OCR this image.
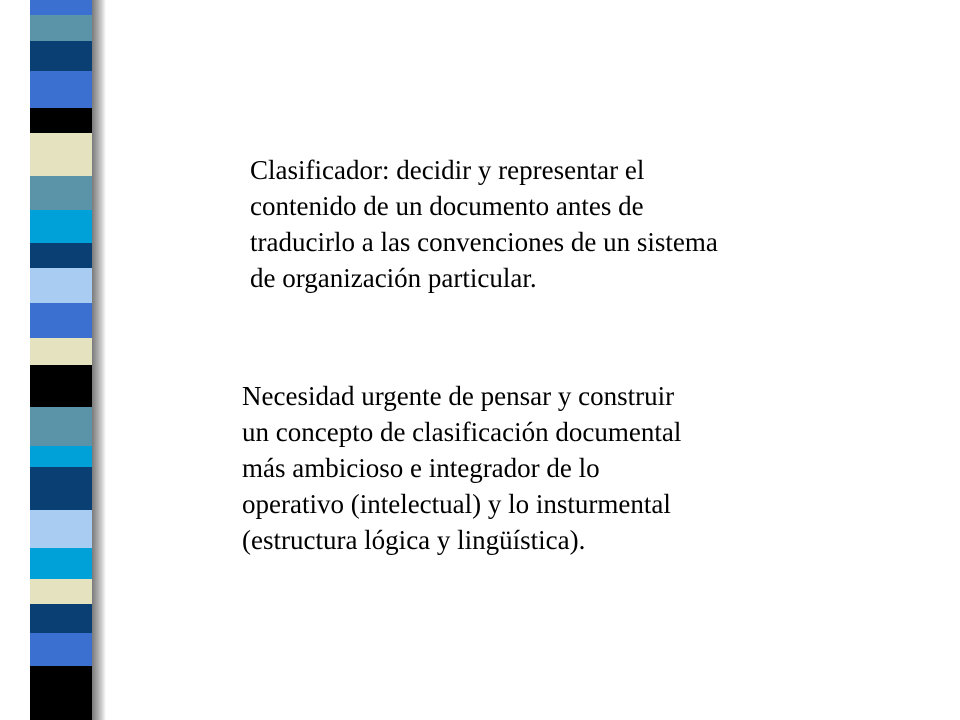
Clasificador: decidir y representar el
contenido de un documento antes de
traducirlo a las convenciones de un sistema
de organización particular.

Necesidad urgente de pensar y construir
un concepto de clasificación documental
más ambicioso e integrador de lo
operativo (intelectual) y lo insturmental
(estructura lógica y lingüística).
